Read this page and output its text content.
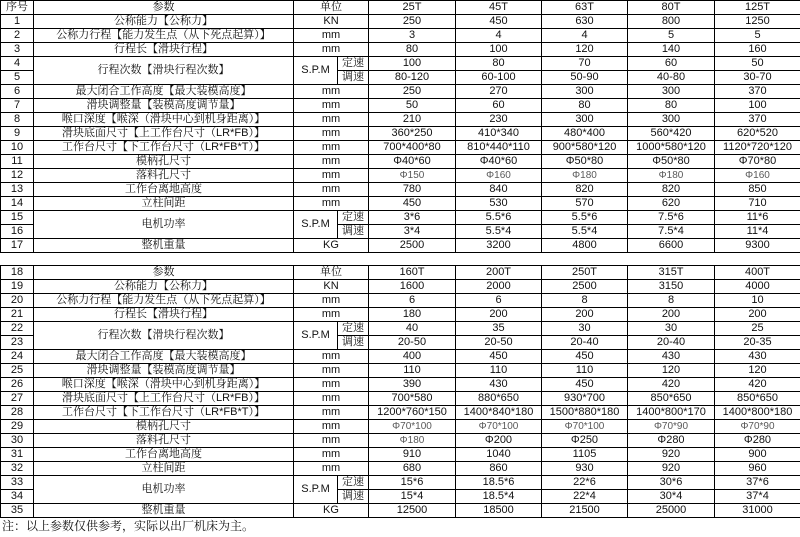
序号	参数	单位		25T	45T	63T	80T	125T
1	公称能力【公称力】	KN		250	450	630	800	1250
2	公称力行程【能力发生点（从下死点起算）】	mm		3	4	4	5	5
3	行程长【滑块行程】	mm		80	100	120	140	160
4	行程次数【滑块行程次数】	S.P.M	定速	100	80	70	60	50
5			调速	80-120	60-100	50-90	40-80	30-70
6	最大闭合工作高度【最大装模高度】	mm		250	270	300	300	370
7	滑块调整量【装模高度调节量】	mm		50	60	80	80	100
8	喉口深度【喉深（滑块中心到机身距离）】	mm		210	230	300	300	370
9	滑块底面尺寸【上工作台尺寸（LR*FB）】	mm		360*250	410*340	480*400	560*420	620*520
10	工作台尺寸【下工作台尺寸（LR*FB*T）】	mm		700*400*80	810*440*110	900*580*120	1000*580*120	1120*720*120
11	模柄孔尺寸	mm		Φ40*60	Φ40*60	Φ50*80	Φ50*80	Φ70*80
12	落料孔尺寸	mm		Φ150	Φ160	Φ180	Φ180	Φ160
13	工作台离地高度	mm		780	840	820	820	850
14	立柱间距	mm		450	530	570	620	710
15	电机功率	S.P.M	定速	3*6	5.5*6	5.5*6	7.5*6	11*6
16			调速	3*4	5.5*4	5.5*4	7.5*4	11*4
17	整机重量	KG		2500	3200	4800	6600	9300
18	参数	单位		160T	200T	250T	315T	400T
19	公称能力【公称力】	KN		1600	2000	2500	3150	4000
20	公称力行程【能力发生点（从下死点起算）】	mm		6	6	8	8	10
21	行程长【滑块行程】	mm		180	200	200	200	200
22	行程次数【滑块行程次数】	S.P.M	定速	40	35	30	30	25
23			调速	20-50	20-50	20-40	20-40	20-35
24	最大闭合工作高度【最大装模高度】	mm		400	450	450	430	430
25	滑块调整量【装模高度调节量】	mm		110	110	110	120	120
26	喉口深度【喉深（滑块中心到机身距离）】	mm		390	430	450	420	420
27	滑块底面尺寸【上工作台尺寸（LR*FB）】	mm		700*580	880*650	930*700	850*650	850*650
28	工作台尺寸【下工作台尺寸（LR*FB*T）】	mm		1200*760*150	1400*840*180	1500*880*180	1400*800*170	1400*800*180
29	模柄孔尺寸	mm		Φ70*100	Φ70*100	Φ70*100	Φ70*90	Φ70*90
30	落料孔尺寸	mm		Φ180	Φ200	Φ250	Φ280	Φ280
31	工作台离地高度	mm		910	1040	1105	920	900
32	立柱间距	mm		680	860	930	920	960
33	电机功率	S.P.M	定速	15*6	18.5*6	22*6	30*6	37*6
34			调速	15*4	18.5*4	22*4	30*4	37*4
35	整机重量	KG		12500	18500	21500	25000	31000
注：以上参数仅供参考，实际以出厂机床为主。
